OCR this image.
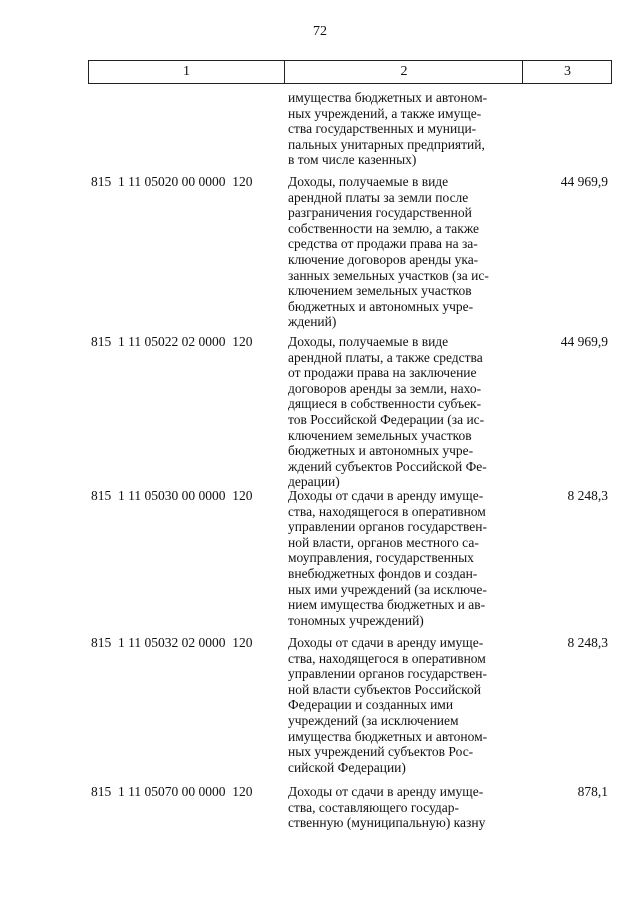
72
1	2	3
имущества бюджетных и автоном-
ных учреждений, а также имуще-
ства государственных и муници-
пальных унитарных предприятий,
в том числе казенных)
815  1 11 05020 00 0000  120	Доходы, получаемые в виде
арендной платы за земли после
разграничения государственной
собственности на землю, а также
средства от продажи права на за-
ключение договоров аренды ука-
занных земельных участков (за ис-
ключением земельных участков
бюджетных и автономных учре-
ждений)
44 969,9
815  1 11 05022 02 0000  120	Доходы, получаемые в виде
арендной платы, а также средства
от продажи права на заключение
договоров аренды за земли, нахо-
дящиеся в собственности субъек-
тов Российской Федерации (за ис-
ключением земельных участков
бюджетных и автономных учре-
ждений субъектов Российской Фе-
дерации)
44 969,9
815  1 11 05030 00 0000  120	Доходы от сдачи в аренду имуще-
ства, находящегося в оперативном
управлении органов государствен-
ной власти, органов местного са-
моуправления, государственных
внебюджетных фондов и создан-
ных ими учреждений (за исключе-
нием имущества бюджетных и ав-
тономных учреждений)
8 248,3
815  1 11 05032 02 0000  120	Доходы от сдачи в аренду имуще-
ства, находящегося в оперативном
управлении органов государствен-
ной власти субъектов Российской
Федерации и созданных ими
учреждений (за исключением
имущества бюджетных и автоном-
ных учреждений субъектов Рос-
сийской Федерации)
8 248,3
815  1 11 05070 00 0000  120	Доходы от сдачи в аренду имуще-
ства, составляющего государ-
ственную (муниципальную) казну
878,1
